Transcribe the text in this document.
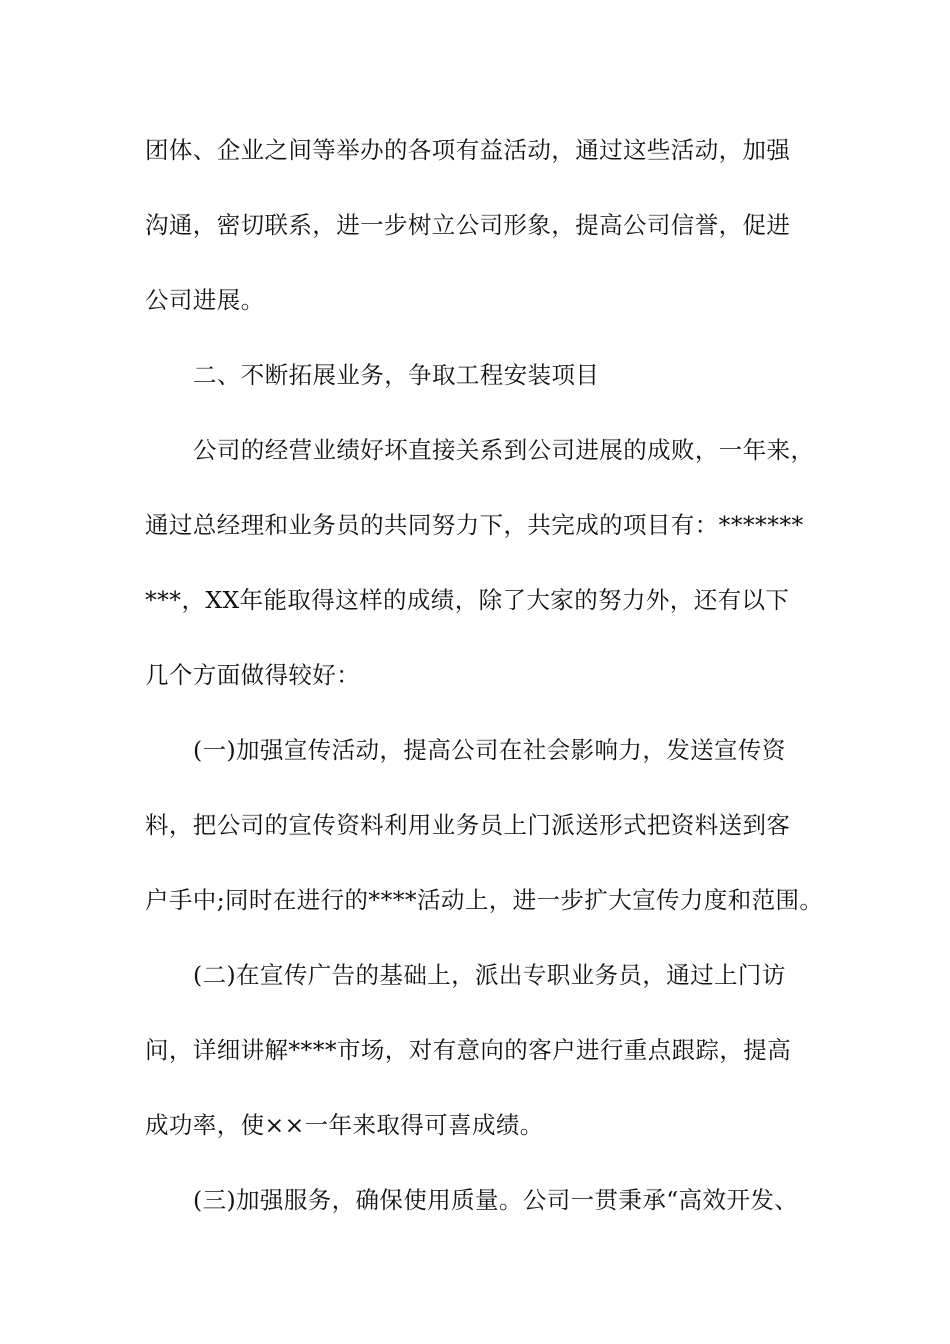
团体、企业之间等举办的各项有益活动，通过这些活动，加强
沟通，密切联系，进一步树立公司形象，提高公司信誉，促进
公司进展。
二、不断拓展业务，争取工程安装项目
公司的经营业绩好坏直接关系到公司进展的成败，一年来，
通过总经理和业务员的共同努力下，共完成的项目有：*******
***，XX年能取得这样的成绩，除了大家的努力外，还有以下
几个方面做得较好：
(一)加强宣传活动，提高公司在社会影响力，发送宣传资
料，把公司的宣传资料利用业务员上门派送形式把资料送到客
户手中;同时在进行的****活动上，进一步扩大宣传力度和范围。
(二)在宣传广告的基础上，派出专职业务员，通过上门访
问，详细讲解****市场，对有意向的客户进行重点跟踪，提高
成功率，使××一年来取得可喜成绩。
(三)加强服务，确保使用质量。公司一贯秉承“高效开发、
